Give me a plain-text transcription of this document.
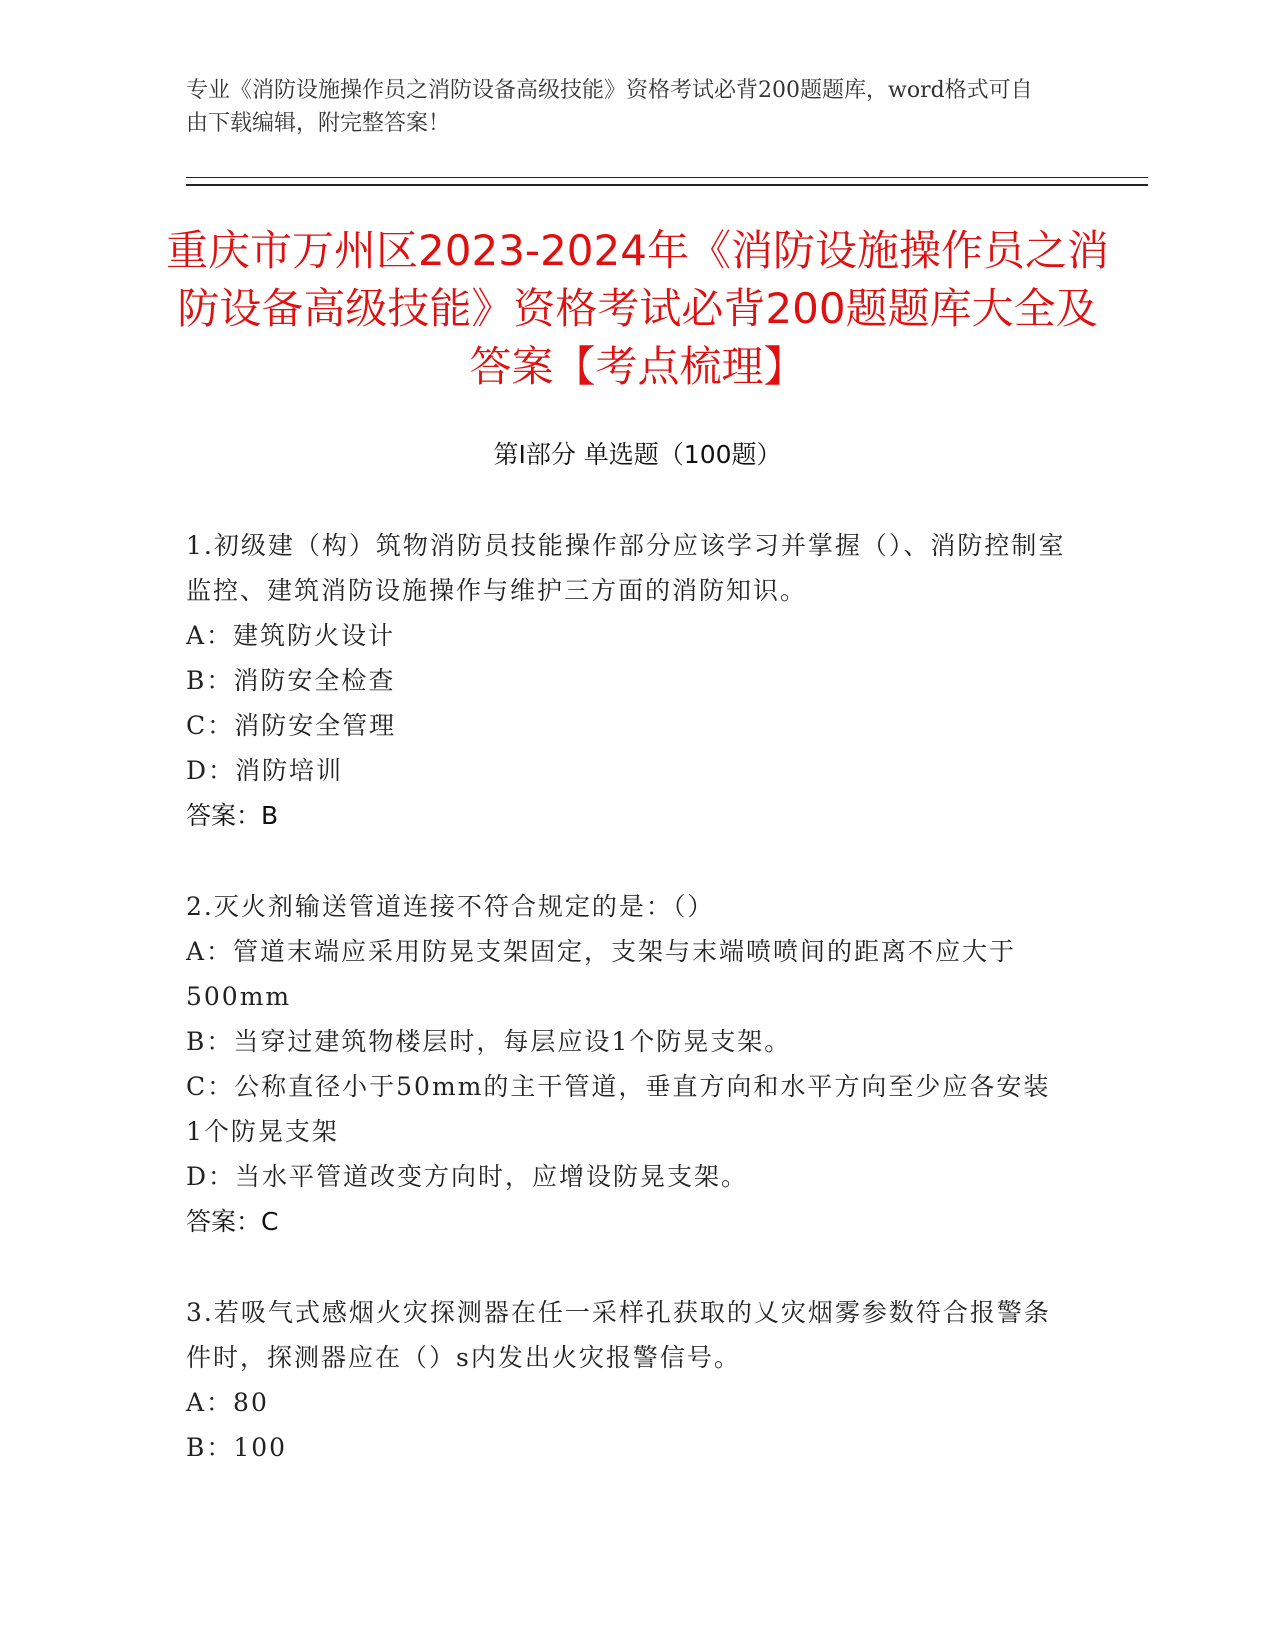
专业《消防设施操作员之消防设备高级技能》资格考试必背200题题库，word格式可自由下载编辑，附完整答案！
重庆市万州区2023-2024年《消防设施操作员之消防设备高级技能》资格考试必背200题题库大全及答案【考点梳理】
第Ⅰ部分 单选题（100题）
1.初级建（构）筑物消防员技能操作部分应该学习并掌握（）、消防控制室监控、建筑消防设施操作与维护三方面的消防知识。
A：建筑防火设计
B：消防安全检查
C：消防安全管理
D：消防培训
答案：B
2.灭火剂输送管道连接不符合规定的是：（）
A：管道末端应采用防晃支架固定，支架与末端喷喷间的距离不应大于500mm
B：当穿过建筑物楼层时，每层应设1个防晃支架。
C：公称直径小于50mm的主干管道，垂直方向和水平方向至少应各安装1个防晃支架
D：当水平管道改变方向时，应增设防晃支架。
答案：C
3.若吸气式感烟火灾探测器在任一采样孔获取的乂灾烟雾参数符合报警条件时，探测器应在（）s内发出火灾报警信号。
A：80
B：100
